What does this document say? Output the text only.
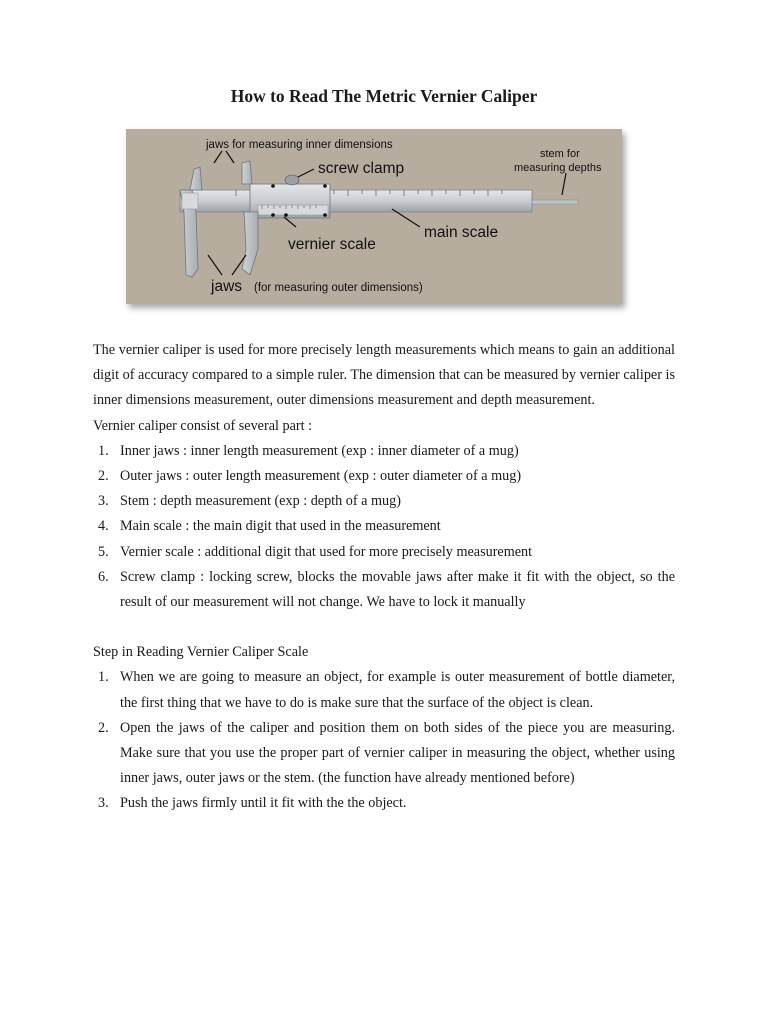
How to Read The Metric Vernier Caliper
jaws for measuring inner dimensions
screw clamp
stem for measuring depths
vernier scale
main scale
jaws (for measuring outer dimensions)

The vernier caliper is used for more precisely length measurements which means to gain an additional digit of accuracy compared to a simple ruler. The dimension that can be measured by vernier caliper is inner dimensions measurement, outer dimensions measurement and depth measurement.

Vernier caliper consist of several part :

1. Inner jaws : inner length measurement (exp : inner diameter of a mug)
2. Outer jaws : outer length measurement (exp : outer diameter of a mug)
3. Stem : depth measurement (exp : depth of a mug)
4. Main scale : the main digit that used in the measurement
5. Vernier scale : additional digit that used for more precisely measurement
6. Screw clamp : locking screw, blocks the movable jaws after make it fit with the object, so the result of our measurement will not change. We have to lock it manually

Step in Reading Vernier Caliper Scale

1. When we are going to measure an object, for example is outer measurement of bottle diameter, the first thing that we have to do is make sure that the surface of the object is clean.
2. Open the jaws of the caliper and position them on both sides of the piece you are measuring. Make sure that you use the proper part of vernier caliper in measuring the object, whether using inner jaws, outer jaws or the stem. (the function have already mentioned before)
3. Push the jaws firmly until it fit with the the object.
